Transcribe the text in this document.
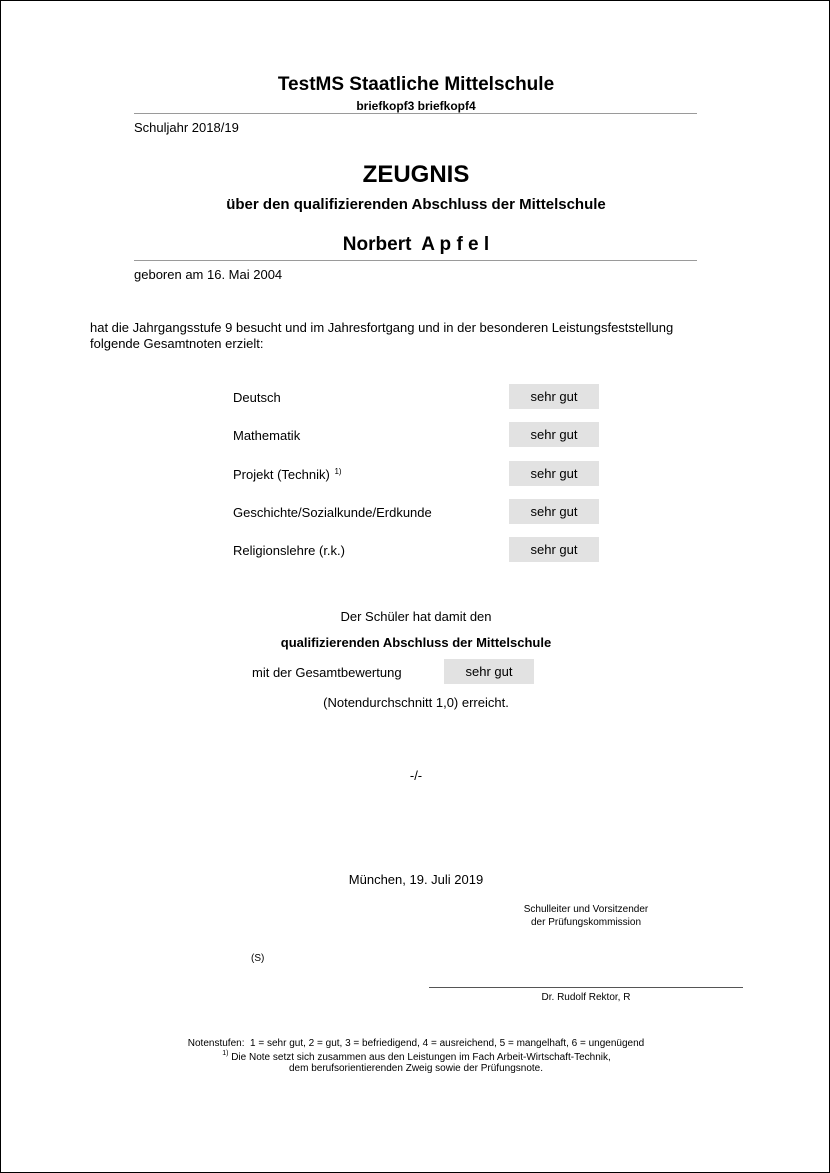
TestMS Staatliche Mittelschule
briefkopf3 briefkopf4
Schuljahr 2018/19
ZEUGNIS
über den qualifizierenden Abschluss der Mittelschule
Norbert  A p f e l
geboren am 16. Mai 2004
hat die Jahrgangsstufe 9 besucht und im Jahresfortgang und in der besonderen Leistungsfeststellung
folgende Gesamtnoten erzielt:
Deutsch	sehr gut
Mathematik	sehr gut
Projekt (Technik) $^{1)}$	sehr gut
Geschichte/Sozialkunde/Erdkunde	sehr gut
Religionslehre (r.k.)	sehr gut
Der Schüler hat damit den
qualifizierenden Abschluss der Mittelschule
mit der Gesamtbewertung	sehr gut
(Notendurchschnitt 1,0) erreicht.
-/-
München, 19. Juli 2019
Schulleiter und Vorsitzender
der Prüfungskommission
(S)
Dr. Rudolf Rektor, R
Notenstufen:  1 = sehr gut, 2 = gut, 3 = befriedigend, 4 = ausreichend, 5 = mangelhaft, 6 = ungenügend
$^{1)}$ Die Note setzt sich zusammen aus den Leistungen im Fach Arbeit-Wirtschaft-Technik,
dem berufsorientierenden Zweig sowie der Prüfungsnote.
